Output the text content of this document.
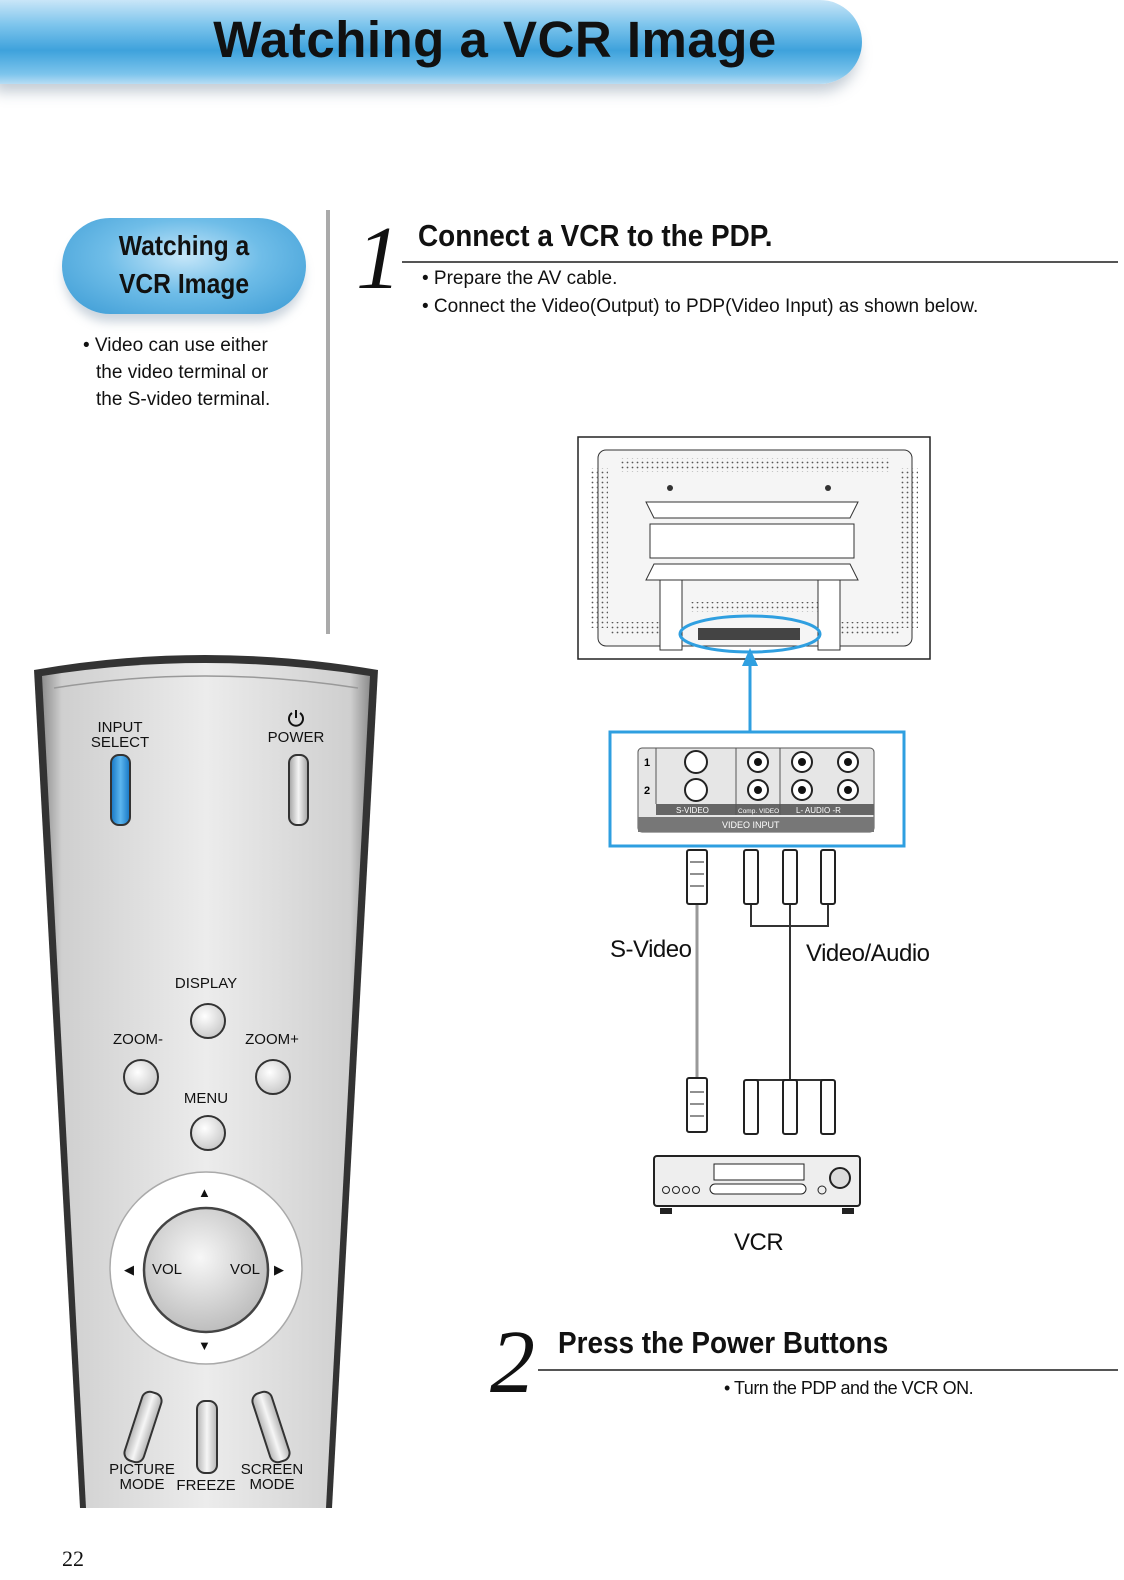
Watching a VCR Image
Watching a
VCR Image
• Video can use either
the video terminal or
the S-video terminal.
1 Connect a VCR to the PDP.
• Prepare the AV cable.
• Connect the Video(Output) to PDP(Video Input) as shown below.
2 Press the Power Buttons
• Turn the PDP and the VCR ON.
▲
▼
◀	▶
INPUT
SELECT	POWER
DISPLAY
ZOOM-	ZOOM+
MENU
VOL	VOL
PICTURE
MODE FREEZE
SCREEN
MODE
1
2
S-VIDEO	Comp. VIDEO L- AUDIO -R
VIDEO INPUT
S-Video	Video/Audio
VCR
22
